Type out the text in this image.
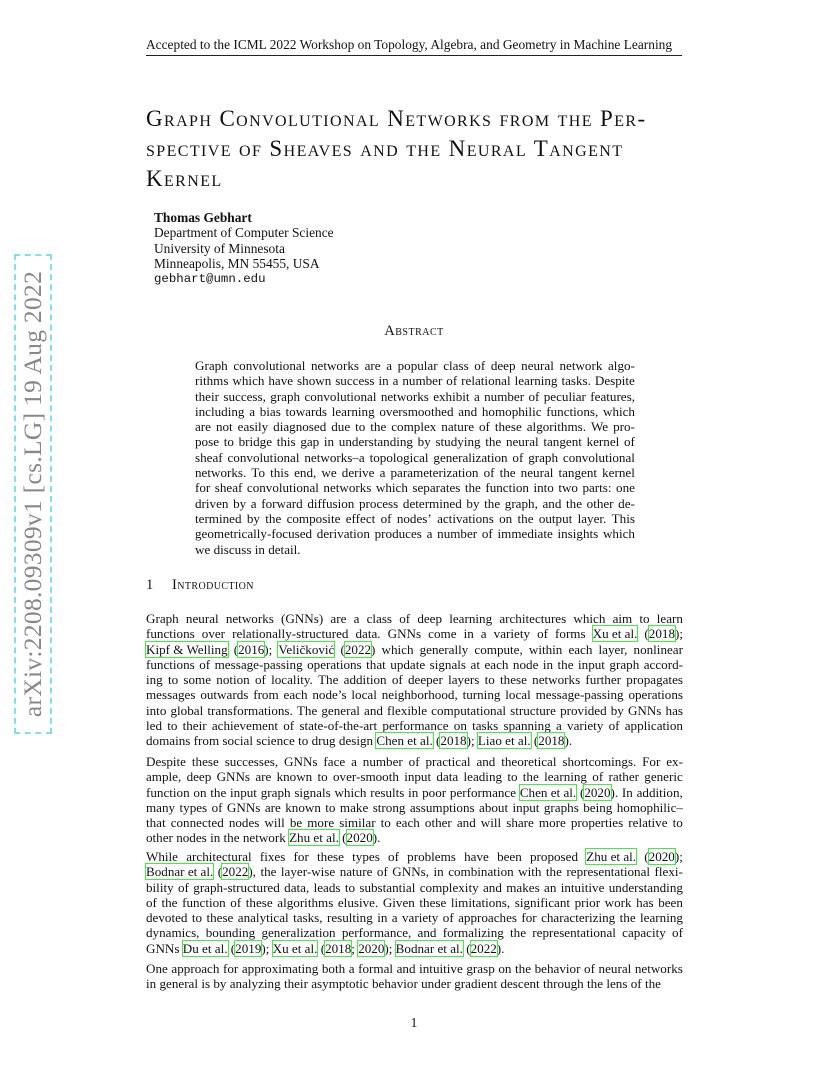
Accepted to the ICML 2022 Workshop on Topology, Algebra, and Geometry in Machine Learning
Graph Convolutional Networks from the Per-
spective of Sheaves and the Neural Tangent
Kernel
Thomas Gebhart
Department of Computer Science
University of Minnesota
Minneapolis, MN 55455, USA
gebhart@umn.edu
arXiv:2208.09309v1 [cs.LG] 19 Aug 2022	Abstract
Graph convolutional networks are a popular class of deep neural network algo-
rithms which have shown success in a number of relational learning tasks. Despite
their success, graph convolutional networks exhibit a number of peculiar features,
including a bias towards learning oversmoothed and homophilic functions, which
are not easily diagnosed due to the complex nature of these algorithms. We pro-
pose to bridge this gap in understanding by studying the neural tangent kernel of
sheaf convolutional networks–a topological generalization of graph convolutional
networks. To this end, we derive a parameterization of the neural tangent kernel
for sheaf convolutional networks which separates the function into two parts: one
driven by a forward diffusion process determined by the graph, and the other de-
termined by the composite effect of nodes’ activations on the output layer. This
geometrically-focused derivation produces a number of immediate insights which
we discuss in detail.
1 Introduction
Graph neural networks (GNNs) are a class of deep learning architectures which aim to learn
functions over relationally-structured data. GNNs come in a variety of forms Xu et al. (2018);
Kipf & Welling (2016); Veličković (2022) which generally compute, within each layer, nonlinear
functions of message-passing operations that update signals at each node in the input graph accord-
ing to some notion of locality. The addition of deeper layers to these networks further propagates
messages outwards from each node’s local neighborhood, turning local message-passing operations
into global transformations. The general and flexible computational structure provided by GNNs has
led to their achievement of state-of-the-art performance on tasks spanning a variety of application
domains from social science to drug design Chen et al. (2018); Liao et al. (2018).
Despite these successes, GNNs face a number of practical and theoretical shortcomings. For ex-
ample, deep GNNs are known to over-smooth input data leading to the learning of rather generic
function on the input graph signals which results in poor performance Chen et al. (2020). In addition,
many types of GNNs are known to make strong assumptions about input graphs being homophilic–
that connected nodes will be more similar to each other and will share more properties relative to
other nodes in the network Zhu et al. (2020).
While architectural fixes for these types of problems have been proposed Zhu et al. (2020);
Bodnar et al. (2022), the layer-wise nature of GNNs, in combination with the representational flexi-
bility of graph-structured data, leads to substantial complexity and makes an intuitive understanding
of the function of these algorithms elusive. Given these limitations, significant prior work has been
devoted to these analytical tasks, resulting in a variety of approaches for characterizing the learning
dynamics, bounding generalization performance, and formalizing the representational capacity of
GNNs Du et al. (2019); Xu et al. (2018; 2020); Bodnar et al. (2022).
One approach for approximating both a formal and intuitive grasp on the behavior of neural networks
in general is by analyzing their asymptotic behavior under gradient descent through the lens of the
1
